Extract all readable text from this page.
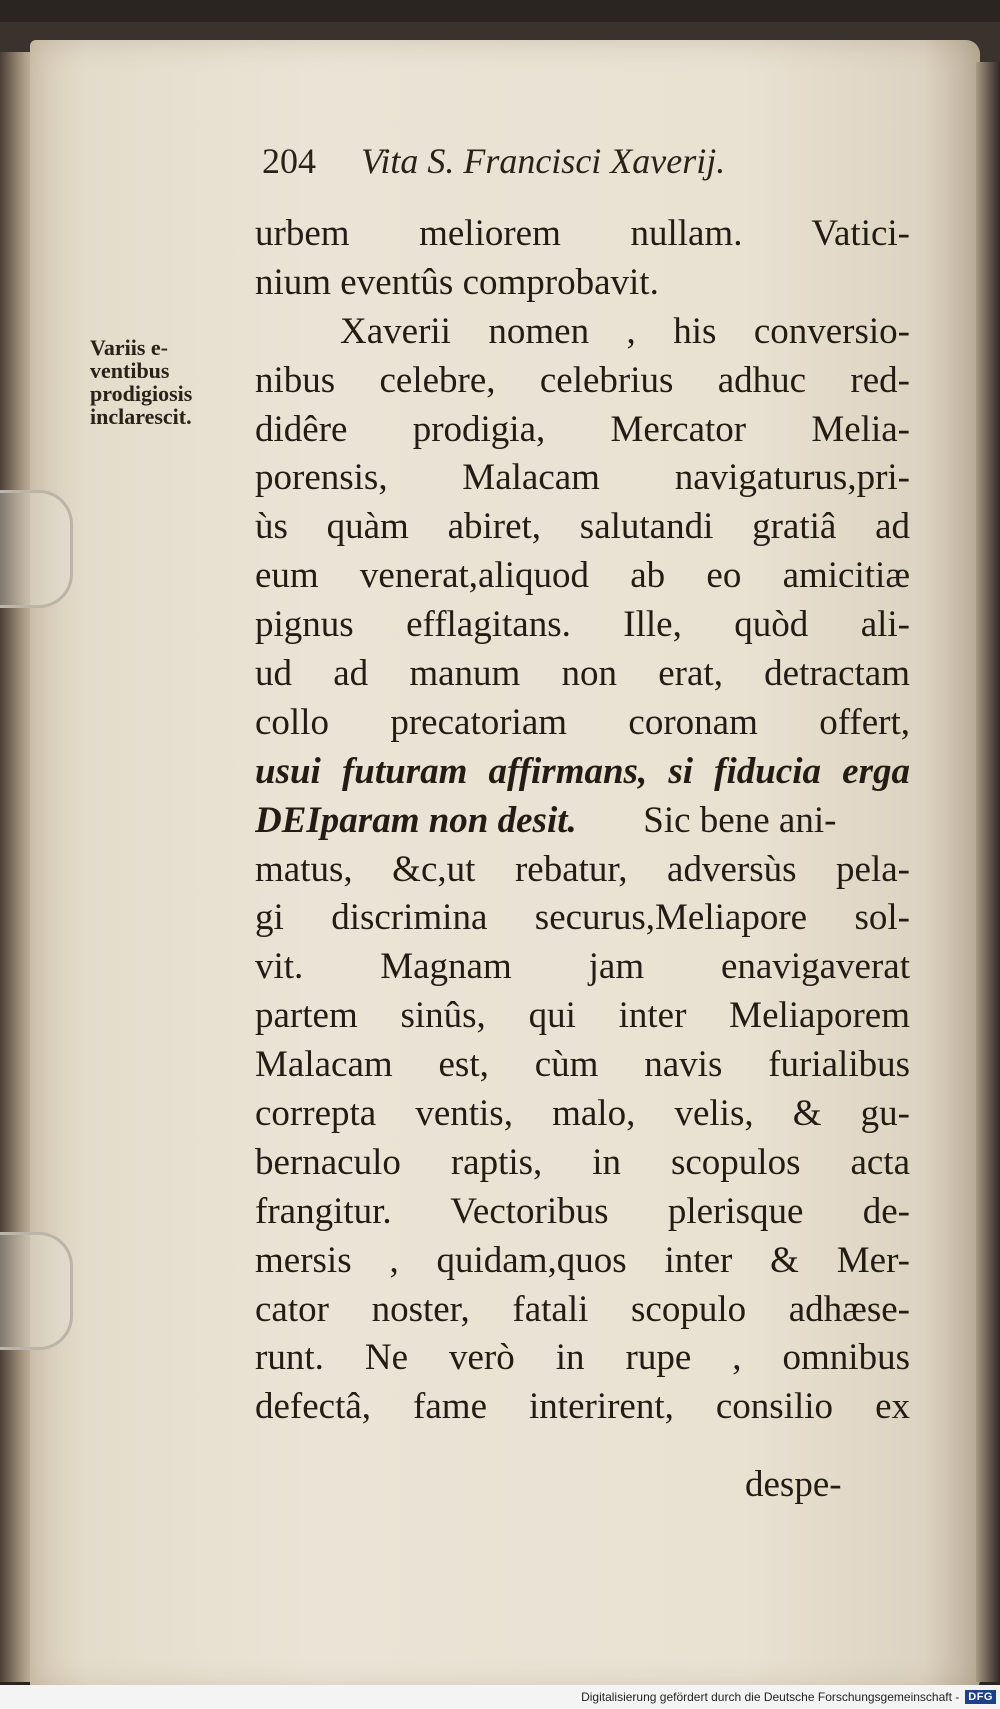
204 Vita S. Francisci Xaverij.
Variis e-
ventibus
prodigiosis
inclarescit.
urbem meliorem nullam. Vatici-
nium eventûs comprobavit.
Xaverii nomen , his conversio-
nibus celebre, celebrius adhuc red-
didêre prodigia, Mercator Melia-
porensis, Malacam navigaturus,pri-
ùs quàm abiret, salutandi gratiâ ad
eum venerat,aliquod ab eo amicitiæ
pignus efflagitans. Ille, quòd ali-
ud ad manum non erat, detractam
collo precatoriam coronam offert,
usui futuram affirmans, si fiducia erga
DEIparam non desit. Sic bene ani-
matus, &c,ut rebatur, adversùs pela-
gi discrimina securus,Meliapore sol-
vit. Magnam jam enavigaverat
partem sinûs, qui inter Meliaporem
Malacam est, cùm navis furialibus
correpta ventis, malo, velis, & gu-
bernaculo raptis, in scopulos acta
frangitur. Vectoribus plerisque de-
mersis , quidam,quos inter & Mer-
cator noster, fatali scopulo adhæse-
runt. Ne verò in rupe , omnibus
defectâ, fame interirent, consilio ex
despe-
Digitalisierung gefördert durch die Deutsche Forschungsgemeinschaft - DFG
